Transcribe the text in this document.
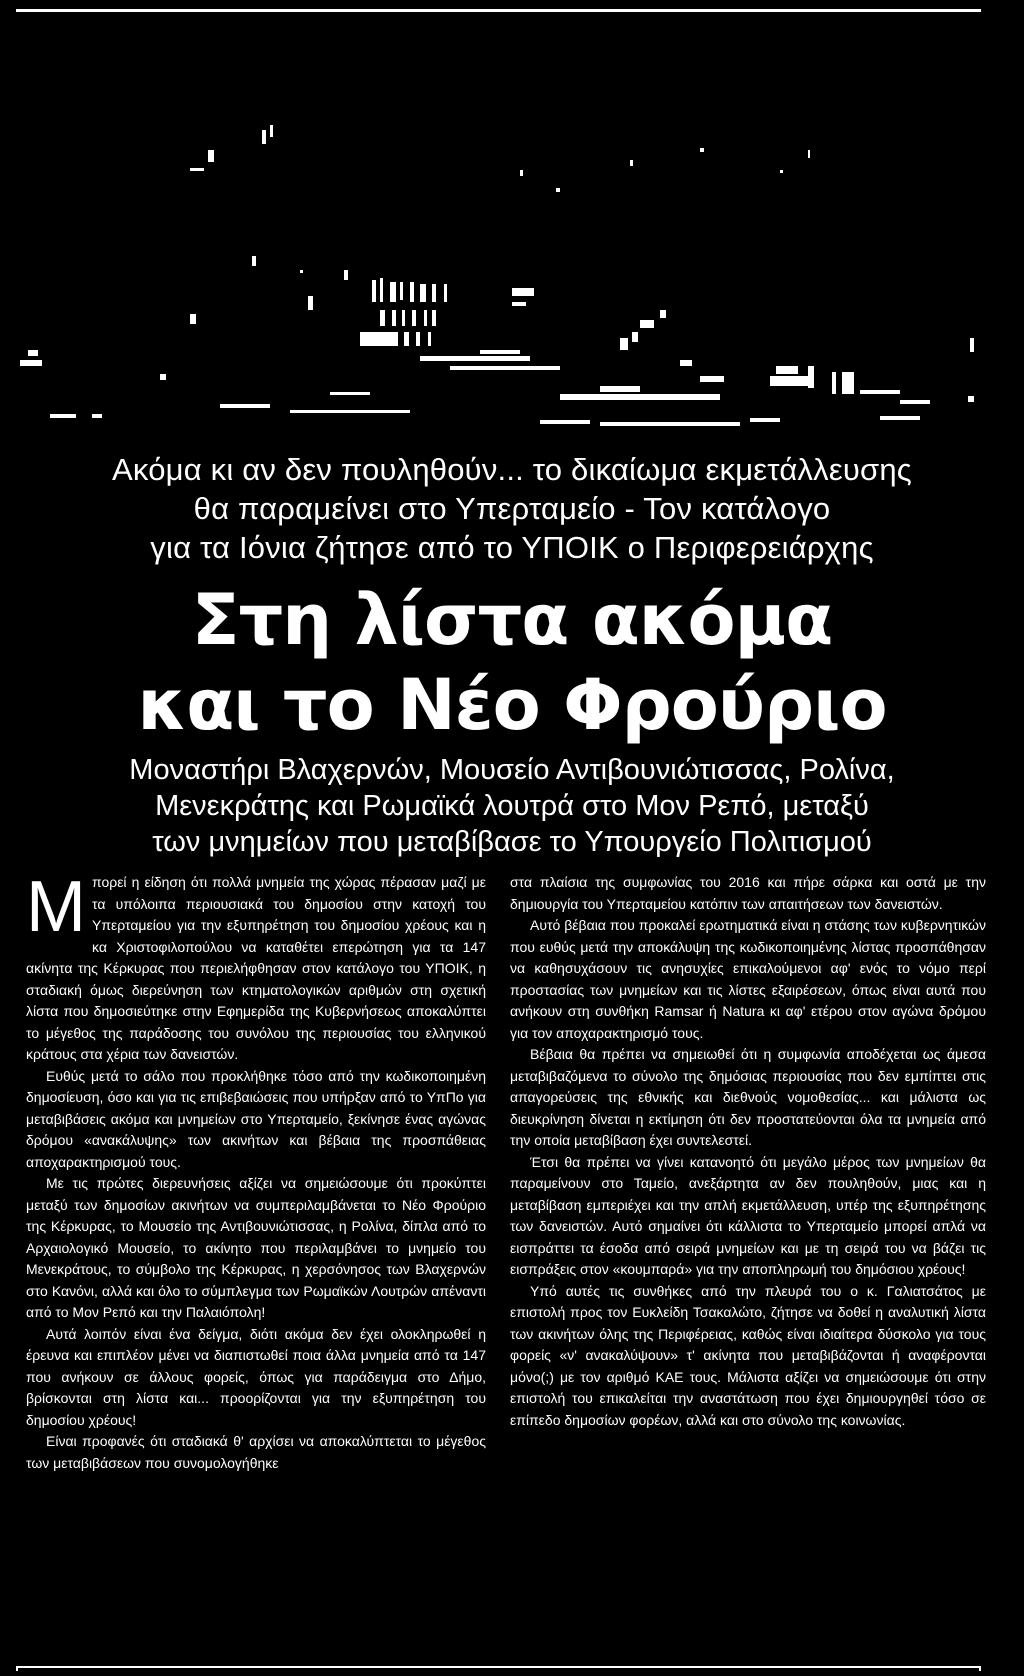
Ακόμα κι αν δεν πουληθούν... το δικαίωμα εκμετάλλευσης
θα παραμείνει στο Υπερταμείο - Τον κατάλογο
για τα Ιόνια ζήτησε από το ΥΠΟΙΚ ο Περιφερειάρχης
Στη λίστα ακόμα
και το Νέο Φρούριο
Μοναστήρι Βλαχερνών, Μουσείο Αντιβουνιώτισσας, Ρολίνα,
Μενεκράτης και Ρωμαϊκά λουτρά στο Μον Ρεπό, μεταξύ
των μνημείων που μεταβίβασε το Υπουργείο Πολιτισμού
Μ πορεί η είδηση ότι πολλά μνημεία της χώρας πέρασαν μαζί με τα υπόλοιπα περιουσιακά του δημοσίου στην κατοχή του Υπερταμείου για την εξυπηρέτηση του δημοσίου χρέους και η κα Χριστοφιλοπούλου να καταθέτει επερώτηση για τα 147 ακίνητα της Κέρκυρας που περιελήφθησαν στον κατάλογο του ΥΠΟΙΚ, η σταδιακή όμως διερεύνηση των κτηματολογικών αριθμών στη σχετική λίστα που δημοσιεύτηκε στην Εφημερίδα της Κυβερνήσεως αποκαλύπτει το μέγεθος της παράδοσης του συνόλου της περιουσίας του ελληνικού κράτους στα χέρια των δανειστών.

Ευθύς μετά το σάλο που προκλήθηκε τόσο από την κωδικοποιημένη δημοσίευση, όσο και για τις επιβεβαιώσεις που υπήρξαν από το ΥπΠο για μεταβιβάσεις ακόμα και μνημείων στο Υπερταμείο, ξεκίνησε ένας αγώνας δρόμου «ανακάλυψης» των ακινήτων και βέβαια της προσπάθειας αποχαρακτηρισμού τους.

Με τις πρώτες διερευνήσεις αξίζει να σημειώσουμε ότι προκύπτει μεταξύ των δημοσίων ακινήτων να συμπεριλαμβάνεται το Νέο Φρούριο της Κέρκυρας, το Μουσείο της Αντιβουνιώτισσας, η Ρολίνα, δίπλα από το Αρχαιολογικό Μουσείο, το ακίνητο που περιλαμβάνει το μνημείο του Μενεκράτους, το σύμβολο της Κέρκυρας, η χερσόνησος των Βλαχερνών στο Κανόνι, αλλά και όλο το σύμπλεγμα των Ρωμαϊκών Λουτρών απέναντι από το Μον Ρεπό και την Παλαιόπολη!

Αυτά λοιπόν είναι ένα δείγμα, διότι ακόμα δεν έχει ολοκληρωθεί η έρευνα και επιπλέον μένει να διαπιστωθεί ποια άλλα μνημεία από τα 147 που ανήκουν σε άλλους φορείς, όπως για παράδειγμα στο Δήμο, βρίσκονται στη λίστα και... προορίζονται για την εξυπηρέτηση του δημοσίου χρέους!

Είναι προφανές ότι σταδιακά θ' αρχίσει να αποκαλύπτεται το μέγεθος των μεταβιβάσεων που συνομολογήθηκε

στα πλαίσια της συμφωνίας του 2016 και πήρε σάρκα και οστά με την δημιουργία του Υπερταμείου κατόπιν των απαιτήσεων των δανειστών.

Αυτό βέβαια που προκαλεί ερωτηματικά είναι η στάσης των κυβερνητικών που ευθύς μετά την αποκάλυψη της κωδικοποιημένης λίστας προσπάθησαν να καθησυχάσουν τις ανησυχίες επικαλούμενοι αφ' ενός το νόμο περί προστασίας των μνημείων και τις λίστες εξαιρέσεων, όπως είναι αυτά που ανήκουν στη συνθήκη Ramsar ή Natura κι αφ' ετέρου στον αγώνα δρόμου για τον αποχαρακτηρισμό τους.

Βέβαια θα πρέπει να σημειωθεί ότι η συμφωνία αποδέχεται ως άμεσα μεταβιβαζόμενα το σύνολο της δημόσιας περιουσίας που δεν εμπίπτει στις απαγορεύσεις της εθνικής και διεθνούς νομοθεσίας... και μάλιστα ως διευκρίνηση δίνεται η εκτίμηση ότι δεν προστατεύονται όλα τα μνημεία από την οποία μεταβίβαση έχει συντελεστεί.

Έτσι θα πρέπει να γίνει κατανοητό ότι μεγάλο μέρος των μνημείων θα παραμείνουν στο Ταμείο, ανεξάρτητα αν δεν πουληθούν, μιας και η μεταβίβαση εμπεριέχει και την απλή εκμετάλλευση, υπέρ της εξυπηρέτησης των δανειστών. Αυτό σημαίνει ότι κάλλιστα το Υπερταμείο μπορεί απλά να εισπράττει τα έσοδα από σειρά μνημείων και με τη σειρά του να βάζει τις εισπράξεις στον «κουμπαρά» για την αποπληρωμή του δημόσιου χρέους!

Υπό αυτές τις συνθήκες από την πλευρά του ο κ. Γαλιατσάτος με επιστολή προς τον Ευκλείδη Τσακαλώτο, ζήτησε να δοθεί η αναλυτική λίστα των ακινήτων όλης της Περιφέρειας, καθώς είναι ιδιαίτερα δύσκολο για τους φορείς «ν' ανακαλύψουν» τ' ακίνητα που μεταβιβάζονται ή αναφέρονται μόνο(;) με τον αριθμό ΚΑΕ τους. Μάλιστα αξίζει να σημειώσουμε ότι στην επιστολή του επικαλείται την αναστάτωση που έχει δημιουργηθεί τόσο σε επίπεδο δημοσίων φορέων, αλλά και στο σύνολο της κοινωνίας.
